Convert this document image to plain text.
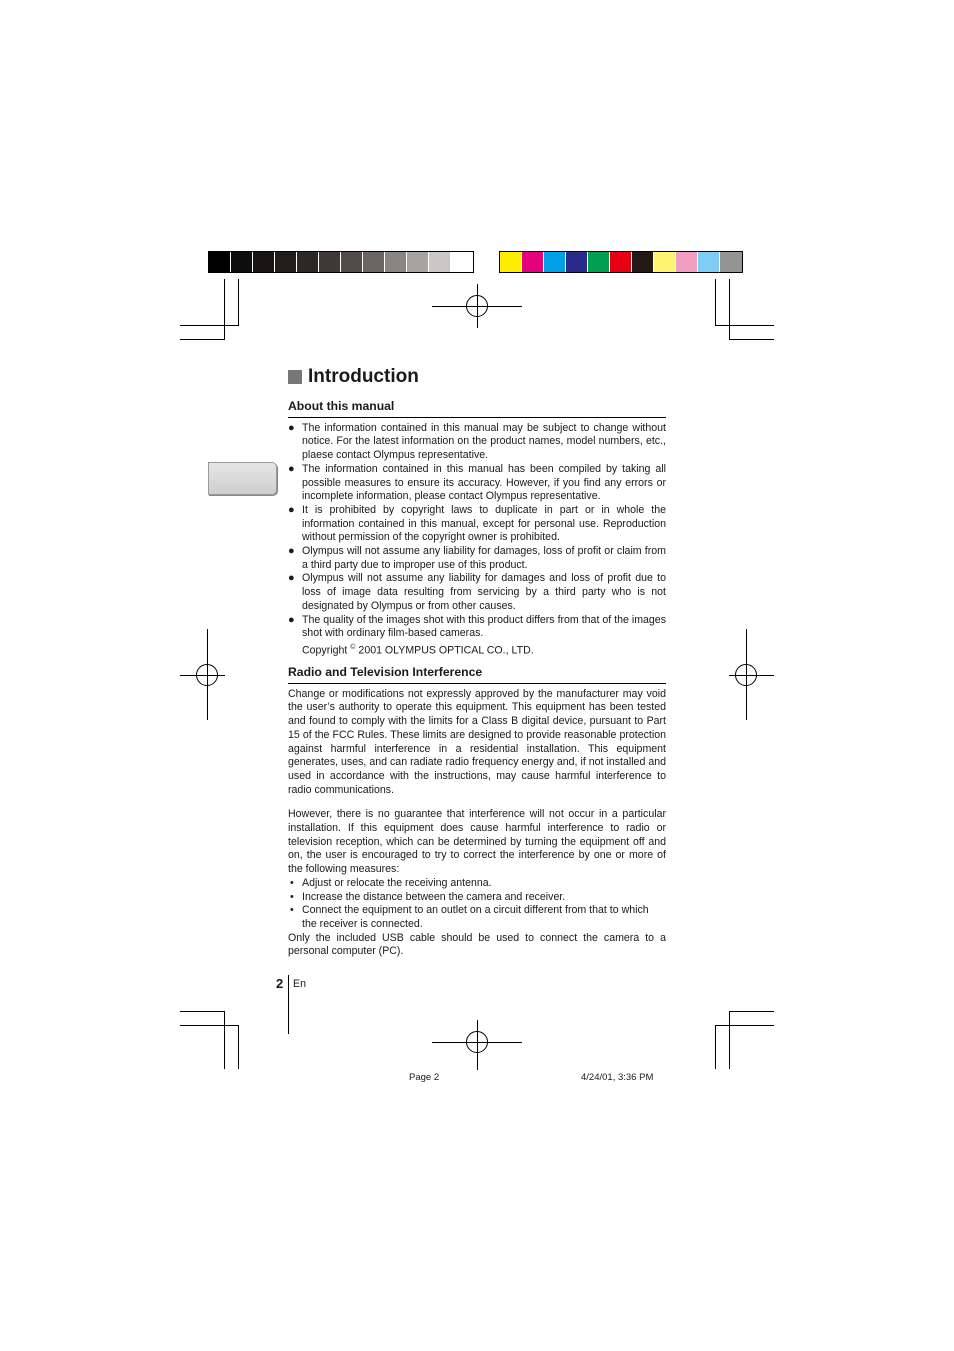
Introduction
About this manual
● The information contained in this manual may be subject to change without notice. For the latest information on the product names, model numbers, etc., plaese contact Olympus representative.
● The information contained in this manual has been compiled by taking all possible measures to ensure its accuracy. However, if you find any errors or incomplete information, please contact Olympus representative.
● It is prohibited by copyright laws to duplicate in part or in whole the information contained in this manual, except for personal use. Reproduction without permission of the copyright owner is prohibited.
● Olympus will not assume any liability for damages, loss of profit or claim from a third party due to improper use of this product.
● Olympus will not assume any liability for damages and loss of profit due to loss of image data resulting from servicing by a third party who is not designated by Olympus or from other causes.
● The quality of the images shot with this product differs from that of the images shot with ordinary film-based cameras.
Copyright © 2001 OLYMPUS OPTICAL CO., LTD.
Radio and Television Interference

Change or modifications not expressly approved by the manufacturer may void the user’s authority to operate this equipment. This equipment has been tested and found to comply with the limits for a Class B digital device, pursuant to Part 15 of the FCC Rules. These limits are designed to provide reasonable protection against harmful interference in a residential installation. This equipment generates, uses, and can radiate radio frequency energy and, if not installed and used in accordance with the instructions, may cause harmful interference to radio communications.

However, there is no guarantee that interference will not occur in a particular installation. If this equipment does cause harmful interference to radio or television reception, which can be determined by turning the equipment off and on, the user is encouraged to try to correct the interference by one or more of the following measures:

• Adjust or relocate the receiving antenna.
• Increase the distance between the camera and receiver.
• Connect the equipment to an outlet on a circuit different from that to which the receiver is connected.

Only the included USB cable should be used to connect the camera to a personal computer (PC).

2 En
Page 2	4/24/01, 3:36 PM
